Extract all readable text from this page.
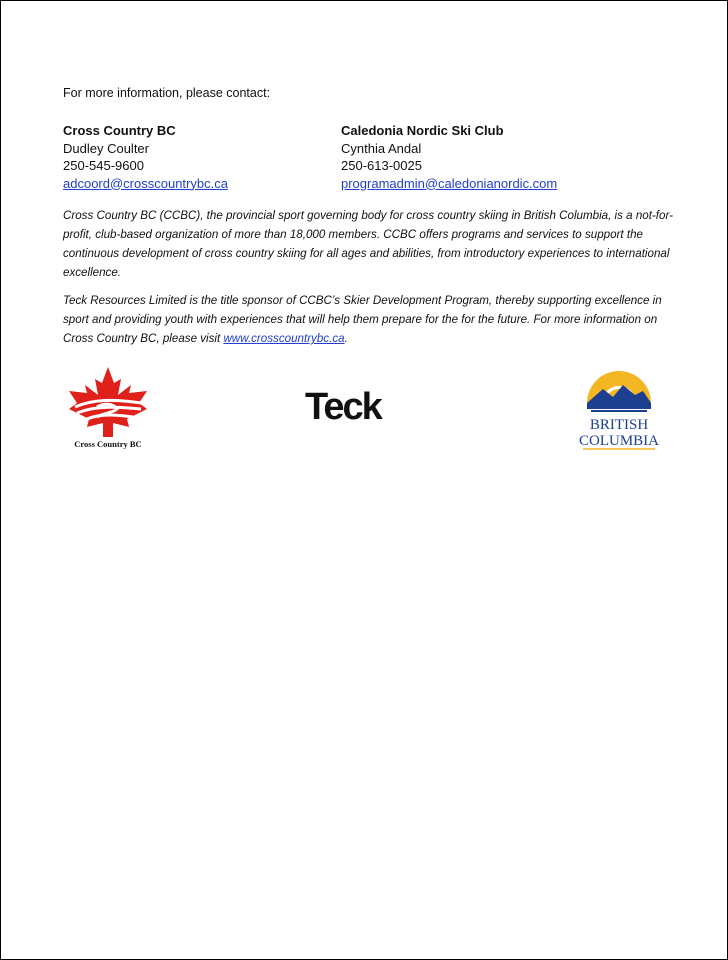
For more information, please contact:
Cross Country BC
Dudley Coulter
250-545-9600
adcoord@crosscountrybc.ca
Caledonia Nordic Ski Club
Cynthia Andal
250-613-0025
programadmin@caledonianordic.com

Cross Country BC (CCBC), the provincial sport governing body for cross country skiing in British Columbia, is a not-for-profit, club-based organization of more than 18,000 members. CCBC offers programs and services to support the continuous development of cross country skiing for all ages and abilities, from introductory experiences to international excellence.

Teck Resources Limited is the title sponsor of CCBC’s Skier Development Program, thereby supporting excellence in sport and providing youth with experiences that will help them prepare for the for the future. For more information on Cross Country BC, please visit www.crosscountrybc.ca.

Cross Country BC
Teck	BRITISH
COLUMBIA
